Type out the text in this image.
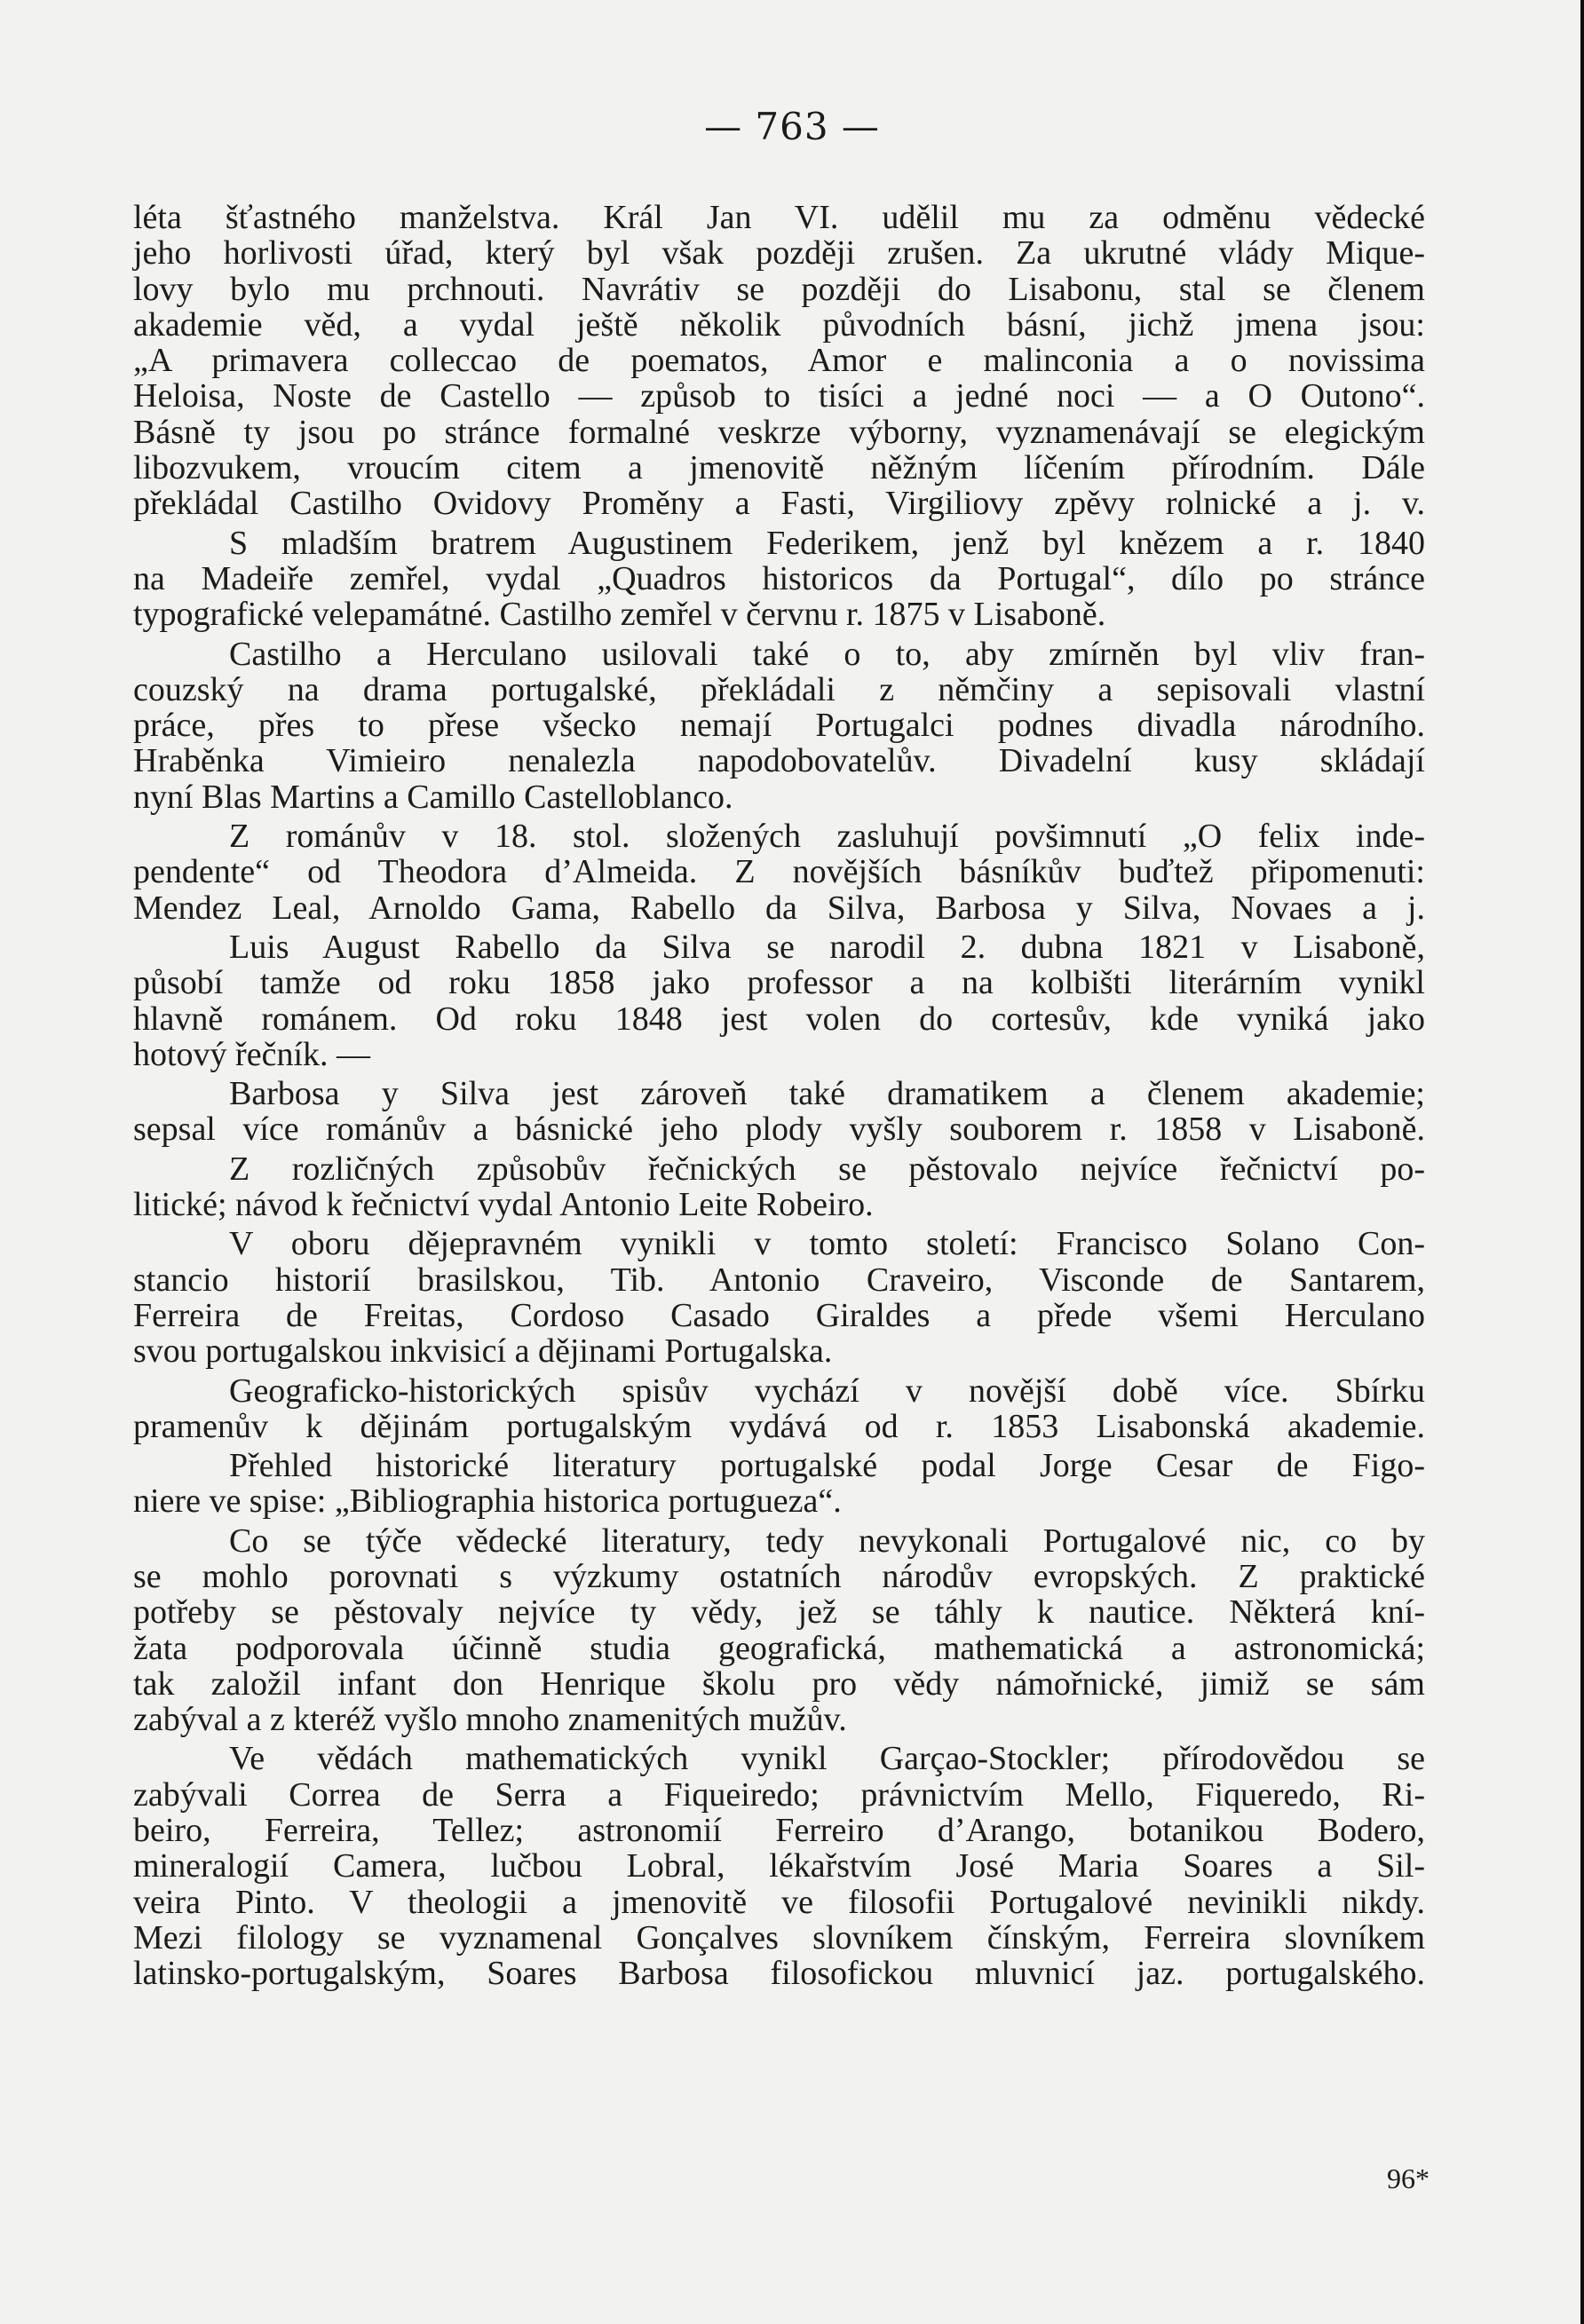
— 763 —
léta šťastného manželstva. Král Jan VI. udělil mu za odměnu vědecké
jeho horlivosti úřad, který byl však později zrušen. Za ukrutné vlády Mique-
lovy bylo mu prchnouti. Navrátiv se později do Lisabonu, stal se členem
akademie věd, a vydal ještě několik původních básní, jichž jmena jsou:
„A primavera colleccao de poematos, Amor e malinconia a o novissima
Heloisa, Noste de Castello — způsob to tisíci a jedné noci — a O Outono“.
Básně ty jsou po stránce formalné veskrze výborny, vyznamenávají se elegickým
libozvukem, vroucím citem a jmenovitě něžným líčením přírodním. Dále
překládal Castilho Ovidovy Proměny a Fasti, Virgiliovy zpěvy rolnické a j. v.
S mladším bratrem Augustinem Federikem, jenž byl knězem a r. 1840
na Madeiře zemřel, vydal „Quadros historicos da Portugal“, dílo po stránce
typografické velepamátné. Castilho zemřel v červnu r. 1875 v Lisaboně.
Castilho a Herculano usilovali také o to, aby zmírněn byl vliv fran-
couzský na drama portugalské, překládali z němčiny a sepisovali vlastní
práce, přes to přese všecko nemají Portugalci podnes divadla národního.
Hraběnka Vimieiro nenalezla napodobovatelův. Divadelní kusy skládají
nyní Blas Martins a Camillo Castelloblanco.
Z románův v 18. stol. složených zasluhují povšimnutí „O felix inde-
pendente“ od Theodora d’Almeida. Z novějších básníkův buďtež připomenuti:
Mendez Leal, Arnoldo Gama, Rabello da Silva, Barbosa y Silva, Novaes a j.
Luis August Rabello da Silva se narodil 2. dubna 1821 v Lisaboně,
působí tamže od roku 1858 jako professor a na kolbišti literárním vynikl
hlavně románem. Od roku 1848 jest volen do cortesův, kde vyniká jako
hotový řečník. —
Barbosa y Silva jest zároveň také dramatikem a členem akademie;
sepsal více románův a básnické jeho plody vyšly souborem r. 1858 v Lisaboně.
Z rozličných způsobův řečnických se pěstovalo nejvíce řečnictví po-
litické; návod k řečnictví vydal Antonio Leite Robeiro.
V oboru dějepravném vynikli v tomto století: Francisco Solano Con-
stancio historií brasilskou, Tib. Antonio Craveiro, Visconde de Santarem,
Ferreira de Freitas, Cordoso Casado Giraldes a přede všemi Herculano
svou portugalskou inkvisicí a dějinami Portugalska.
Geograficko-historických spisův vychází v novější době více. Sbírku
pramenův k dějinám portugalským vydává od r. 1853 Lisabonská akademie.
Přehled historické literatury portugalské podal Jorge Cesar de Figo-
niere ve spise: „Bibliographia historica portugueza“.
Co se týče vědecké literatury, tedy nevykonali Portugalové nic, co by
se mohlo porovnati s výzkumy ostatních národův evropských. Z praktické
potřeby se pěstovaly nejvíce ty vědy, jež se táhly k nautice. Některá kní-
žata podporovala účinně studia geografická, mathematická a astronomická;
tak založil infant don Henrique školu pro vědy námořnické, jimiž se sám
zabýval a z kteréž vyšlo mnoho znamenitých mužův.
Ve vědách mathematických vynikl Garçao-Stockler; přírodovědou se
zabývali Correa de Serra a Fiqueiredo; právnictvím Mello, Fiqueredo, Ri-
beiro, Ferreira, Tellez; astronomií Ferreiro d’Arango, botanikou Bodero,
mineralogií Camera, lučbou Lobral, lékařstvím José Maria Soares a Sil-
veira Pinto. V theologii a jmenovitě ve filosofii Portugalové nevinikli nikdy.
Mezi filology se vyznamenal Gonçalves slovníkem čínským, Ferreira slovníkem
latinsko-portugalským, Soares Barbosa filosofickou mluvnicí jaz. portugalského.
96*
